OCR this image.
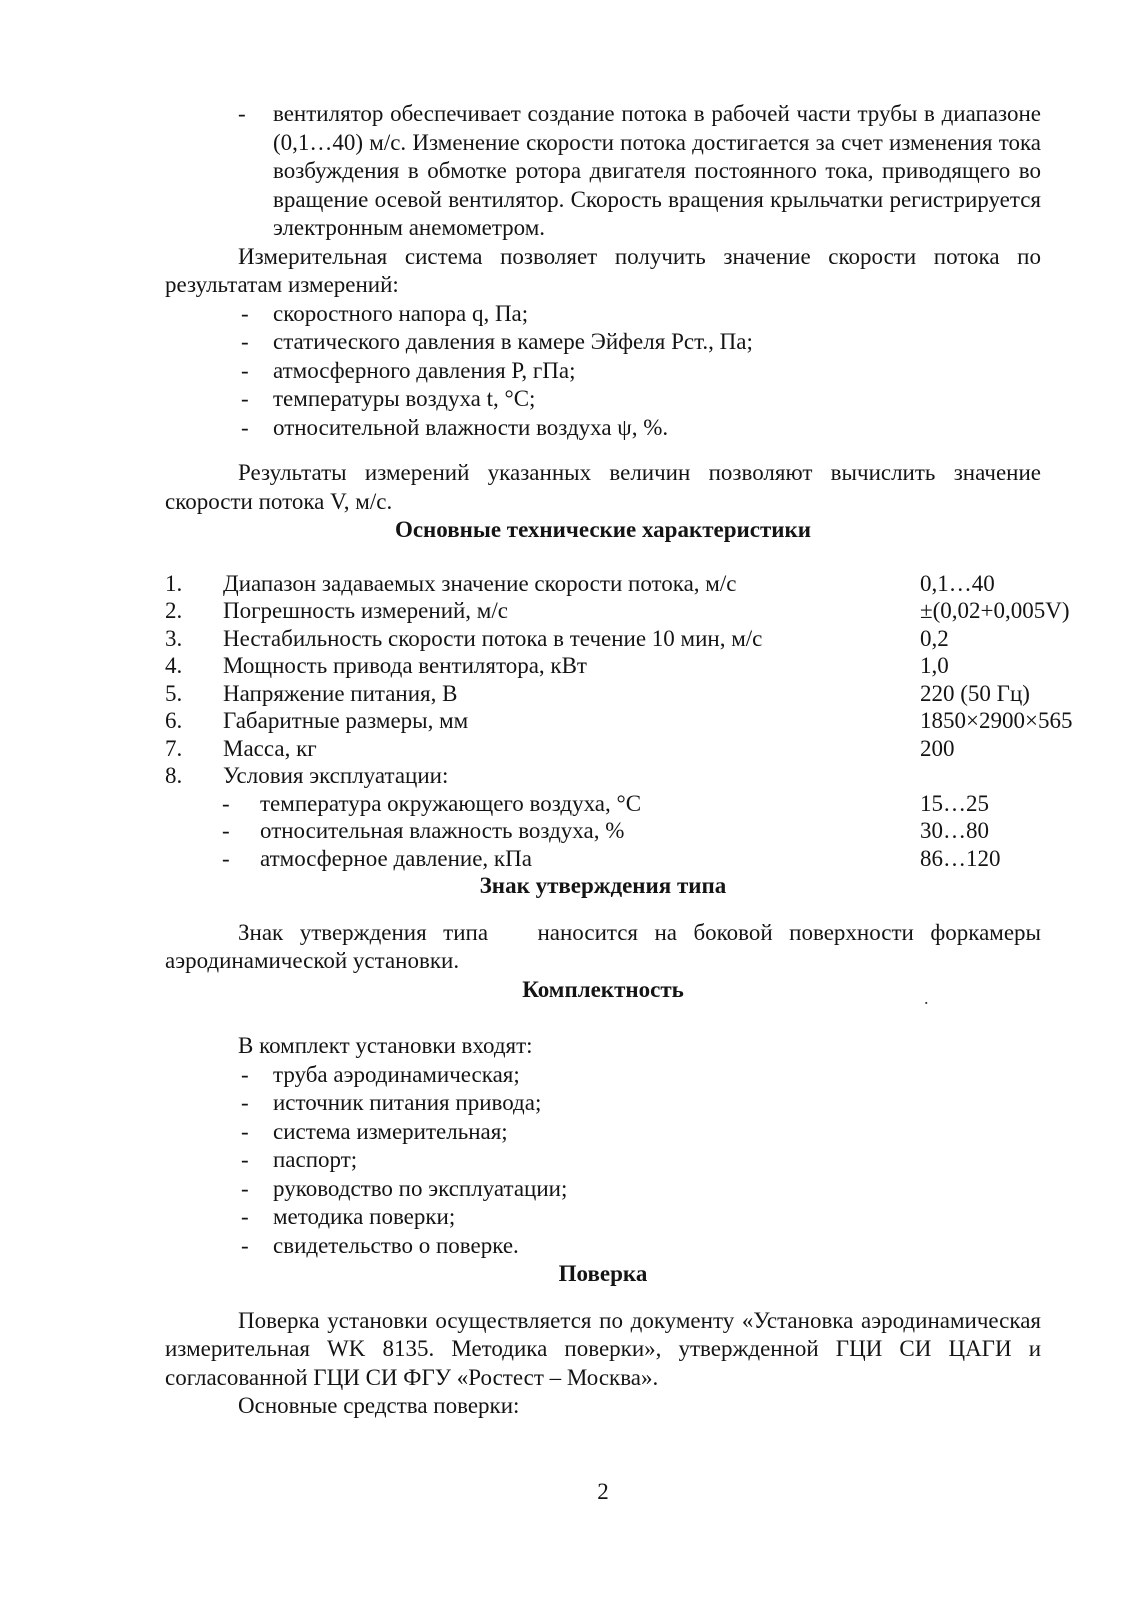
-	вентилятор обеспечивает создание потока в рабочей части трубы в диапазоне (0,1…40) м/с. Изменение скорости потока достигается за счет изменения тока возбуждения в обмотке ротора двигателя постоянного тока, приводящего во вращение осевой вентилятор. Скорость вращения крыльчатки регистрируется электронным анемометром.

Измерительная система позволяет получить значение скорости потока по результатам измерений:

-	скоростного напора q, Па;
-	статического давления в камере Эйфеля Рст., Па;
-	атмосферного давления Р, гПа;
-	температуры воздуха t, °С;
-	относительной влажности воздуха ψ, %.

Результаты измерений указанных величин позволяют вычислить значение скорости потока V, м/с.

Основные технические характеристики
1.	Диапазон задаваемых значение скорости потока, м/с	0,1…40
2.	Погрешность измерений, м/с	±(0,02+0,005V)
3.	Нестабильность скорости потока в течение 10 мин, м/с	0,2
4.	Мощность привода вентилятора, кВт	1,0
5.	Напряжение питания, В	220 (50 Гц)
6.	Габаритные размеры, мм	1850×2900×565
7.	Масса, кг	200
8.	Условия эксплуатации:
-	температура окружающего воздуха, °С	15…25
-	относительная влажность воздуха, %	30…80
-	атмосферное давление, кПа	86…120
Знак утверждения типа

Знак утверждения типа   наносится на боковой поверхности форкамеры аэродинамической установки.

Комплектность

В комплект установки входят:

-	труба аэродинамическая;
-	источник питания привода;
-	система измерительная;
-	паспорт;
-	руководство по эксплуатации;
-	методика поверки;
-	свидетельство о поверке.
Поверка

Поверка установки осуществляется по документу «Установка аэродинамическая измерительная WK 8135. Методика поверки», утвержденной ГЦИ СИ ЦАГИ и согласованной ГЦИ СИ ФГУ «Ростест – Москва».

Основные средства поверки:

2

.
